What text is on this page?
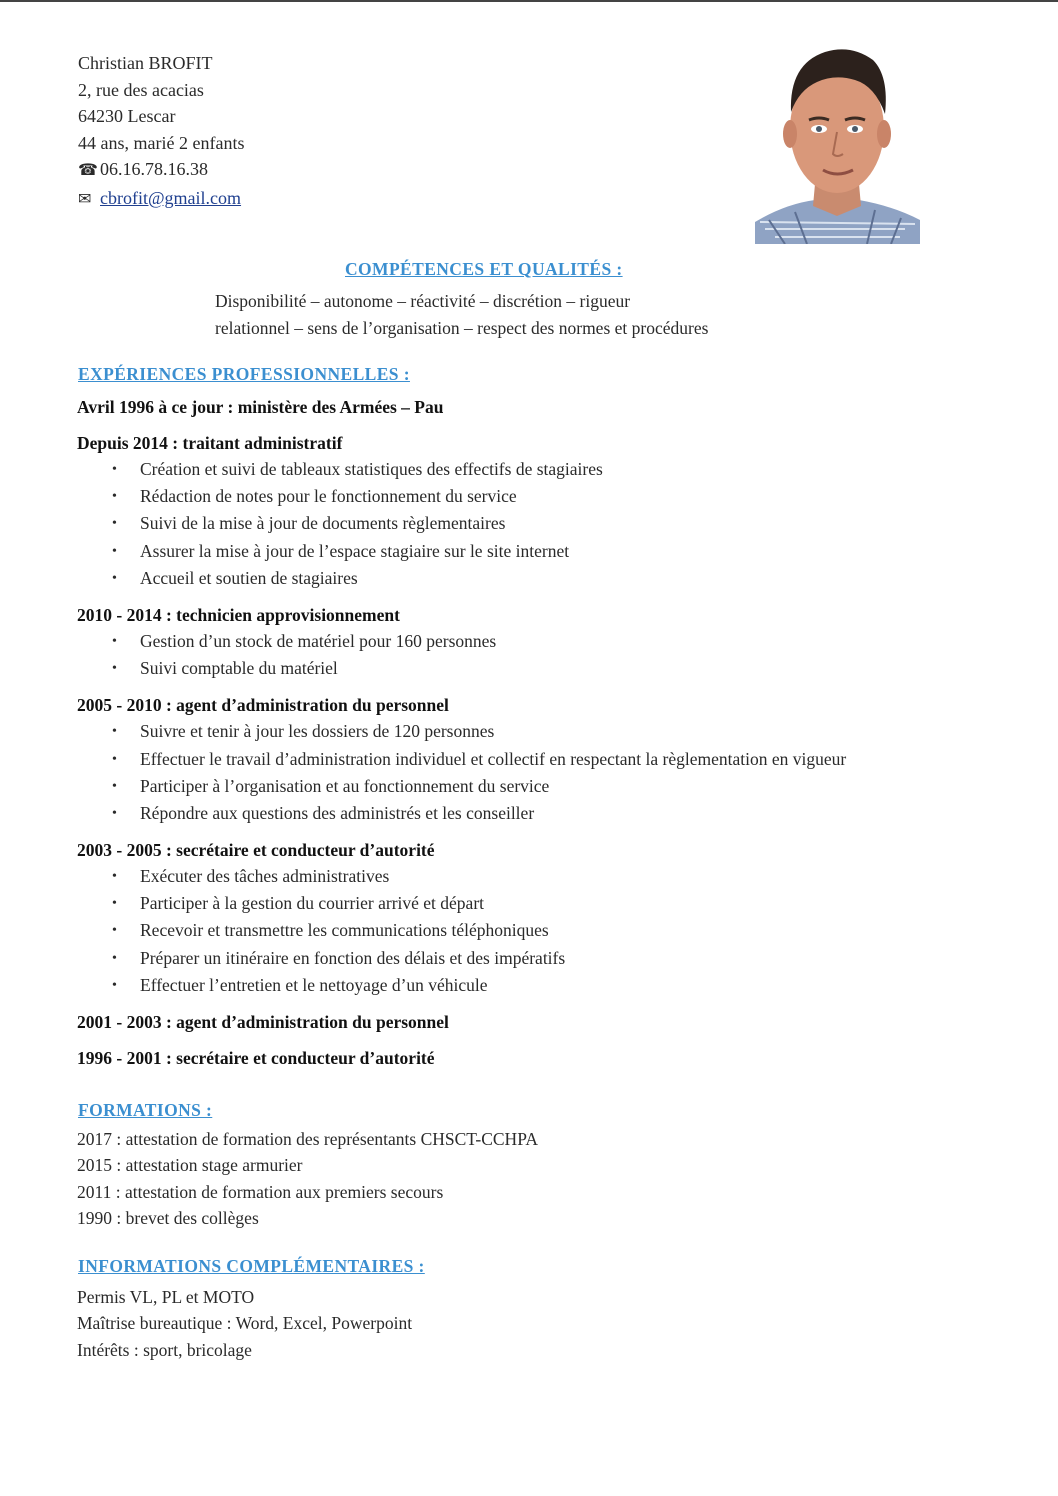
Christian BROFIT
2, rue des acacias
64230 Lescar
44 ans, marié 2 enfants
☎ 06.16.78.16.38
✉ cbrofit@gmail.com
COMPÉTENCES ET QUALITÉS :
Disponibilité – autonome – réactivité – discrétion – rigueur
relationnel – sens de l’organisation – respect des normes et procédures
EXPÉRIENCES PROFESSIONNELLES :
Avril 1996 à ce jour : ministère des Armées – Pau
Depuis 2014 : traitant administratif
• Création et suivi de tableaux statistiques des effectifs de stagiaires
• Rédaction de notes pour le fonctionnement du service
• Suivi de la mise à jour de documents règlementaires
• Assurer la mise à jour de l’espace stagiaire sur le site internet
• Accueil et soutien de stagiaires
2010 - 2014 : technicien approvisionnement
• Gestion d’un stock de matériel pour 160 personnes
• Suivi comptable du matériel
2005 - 2010 : agent d’administration du personnel
• Suivre et tenir à jour les dossiers de 120 personnes
• Effectuer le travail d’administration individuel et collectif en respectant la règlementation en vigueur
• Participer à l’organisation et au fonctionnement du service
• Répondre aux questions des administrés et les conseiller
2003 - 2005 : secrétaire et conducteur d’autorité
• Exécuter des tâches administratives
• Participer à la gestion du courrier arrivé et départ
• Recevoir et transmettre les communications téléphoniques
• Préparer un itinéraire en fonction des délais et des impératifs
• Effectuer l’entretien et le nettoyage d’un véhicule
2001 - 2003 : agent d’administration du personnel
1996 - 2001 : secrétaire et conducteur d’autorité
FORMATIONS :
2017 : attestation de formation des représentants CHSCT-CCHPA
2015 : attestation stage armurier
2011 : attestation de formation aux premiers secours
1990 : brevet des collèges
INFORMATIONS COMPLÉMENTAIRES :
Permis VL, PL et MOTO
Maîtrise bureautique : Word, Excel, Powerpoint
Intérêts : sport, bricolage
